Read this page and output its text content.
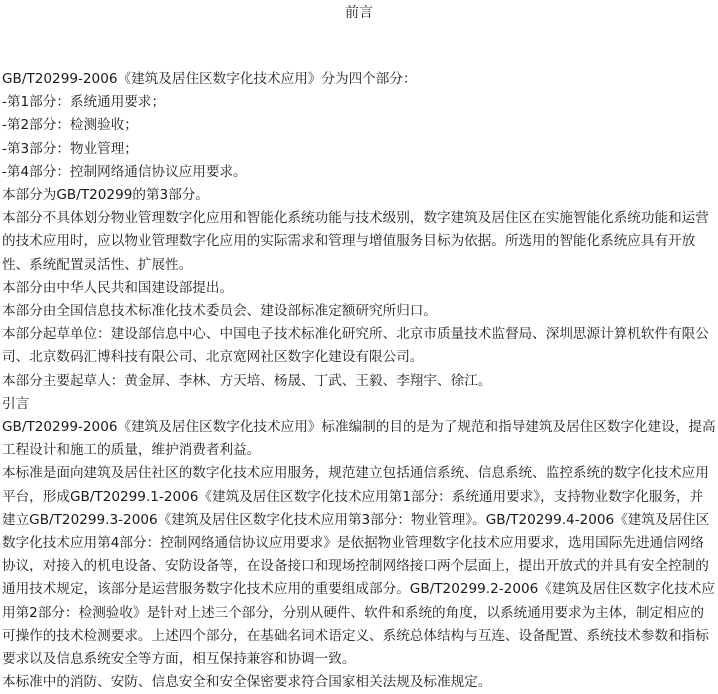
前言

GB/T20299-2006《建筑及居住区数字化技术应用》分为四个部分：

-第1部分：系统通用要求；

-第2部分：检测验收；

-第3部分：物业管理；

-第4部分：控制网络通信协议应用要求。

本部分为GB/T20299的第3部分。

本部分不具体划分物业管理数字化应用和智能化系统功能与技术级别，数字建筑及居住区在实施智能化系统功能和运营的技术应用时，应以物业管理数字化应用的实际需求和管理与增值服务目标为依据。所选用的智能化系统应具有开放性、系统配置灵活性、扩展性。

本部分由中华人民共和国建设部提出。

本部分由全国信息技术标准化技术委员会、建设部标准定额研究所归口。

本部分起草单位：建设部信息中心、中国电子技术标准化研究所、北京市质量技术监督局、深圳思源计算机软件有限公司、北京数码汇博科技有限公司、北京宽网社区数字化建设有限公司。

本部分主要起草人：黄金屏、李林、方天培、杨晟、丁武、王毅、李翔宇、徐江。

引言

GB/T20299-2006《建筑及居住区数字化技术应用》标准编制的目的是为了规范和指导建筑及居住区数字化建设，提高工程设计和施工的质量，维护消费者利益。

本标准是面向建筑及居住社区的数字化技术应用服务，规范建立包括通信系统、信息系统、监控系统的数字化技术应用平台，形成GB/T20299.1-2006《建筑及居住区数字化技术应用第1部分：系统通用要求》，支持物业数字化服务，并建立GB/T20299.3-2006《建筑及居住区数字化技术应用第3部分：物业管理》。GB/T20299.4-2006《建筑及居住区数字化技术应用第4部分：控制网络通信协议应用要求》是依据物业管理数字化技术应用要求，选用国际先进通信网络协议，对接入的机电设备、安防设备等，在设备接口和现场控制网络接口两个层面上，提出开放式的并具有安全控制的通用技术规定，该部分是运营服务数字化技术应用的重要组成部分。GB/T20299.2-2006《建筑及居住区数字化技术应用第2部分：检测验收》是针对上述三个部分，分别从硬件、软件和系统的角度，以系统通用要求为主体，制定相应的可操作的技术检测要求。上述四个部分，在基础名词术语定义、系统总体结构与互连、设备配置、系统技术参数和指标要求以及信息系统安全等方面，相互保持兼容和协调一致。

本标准中的消防、安防、信息安全和安全保密要求符合国家相关法规及标准规定。
